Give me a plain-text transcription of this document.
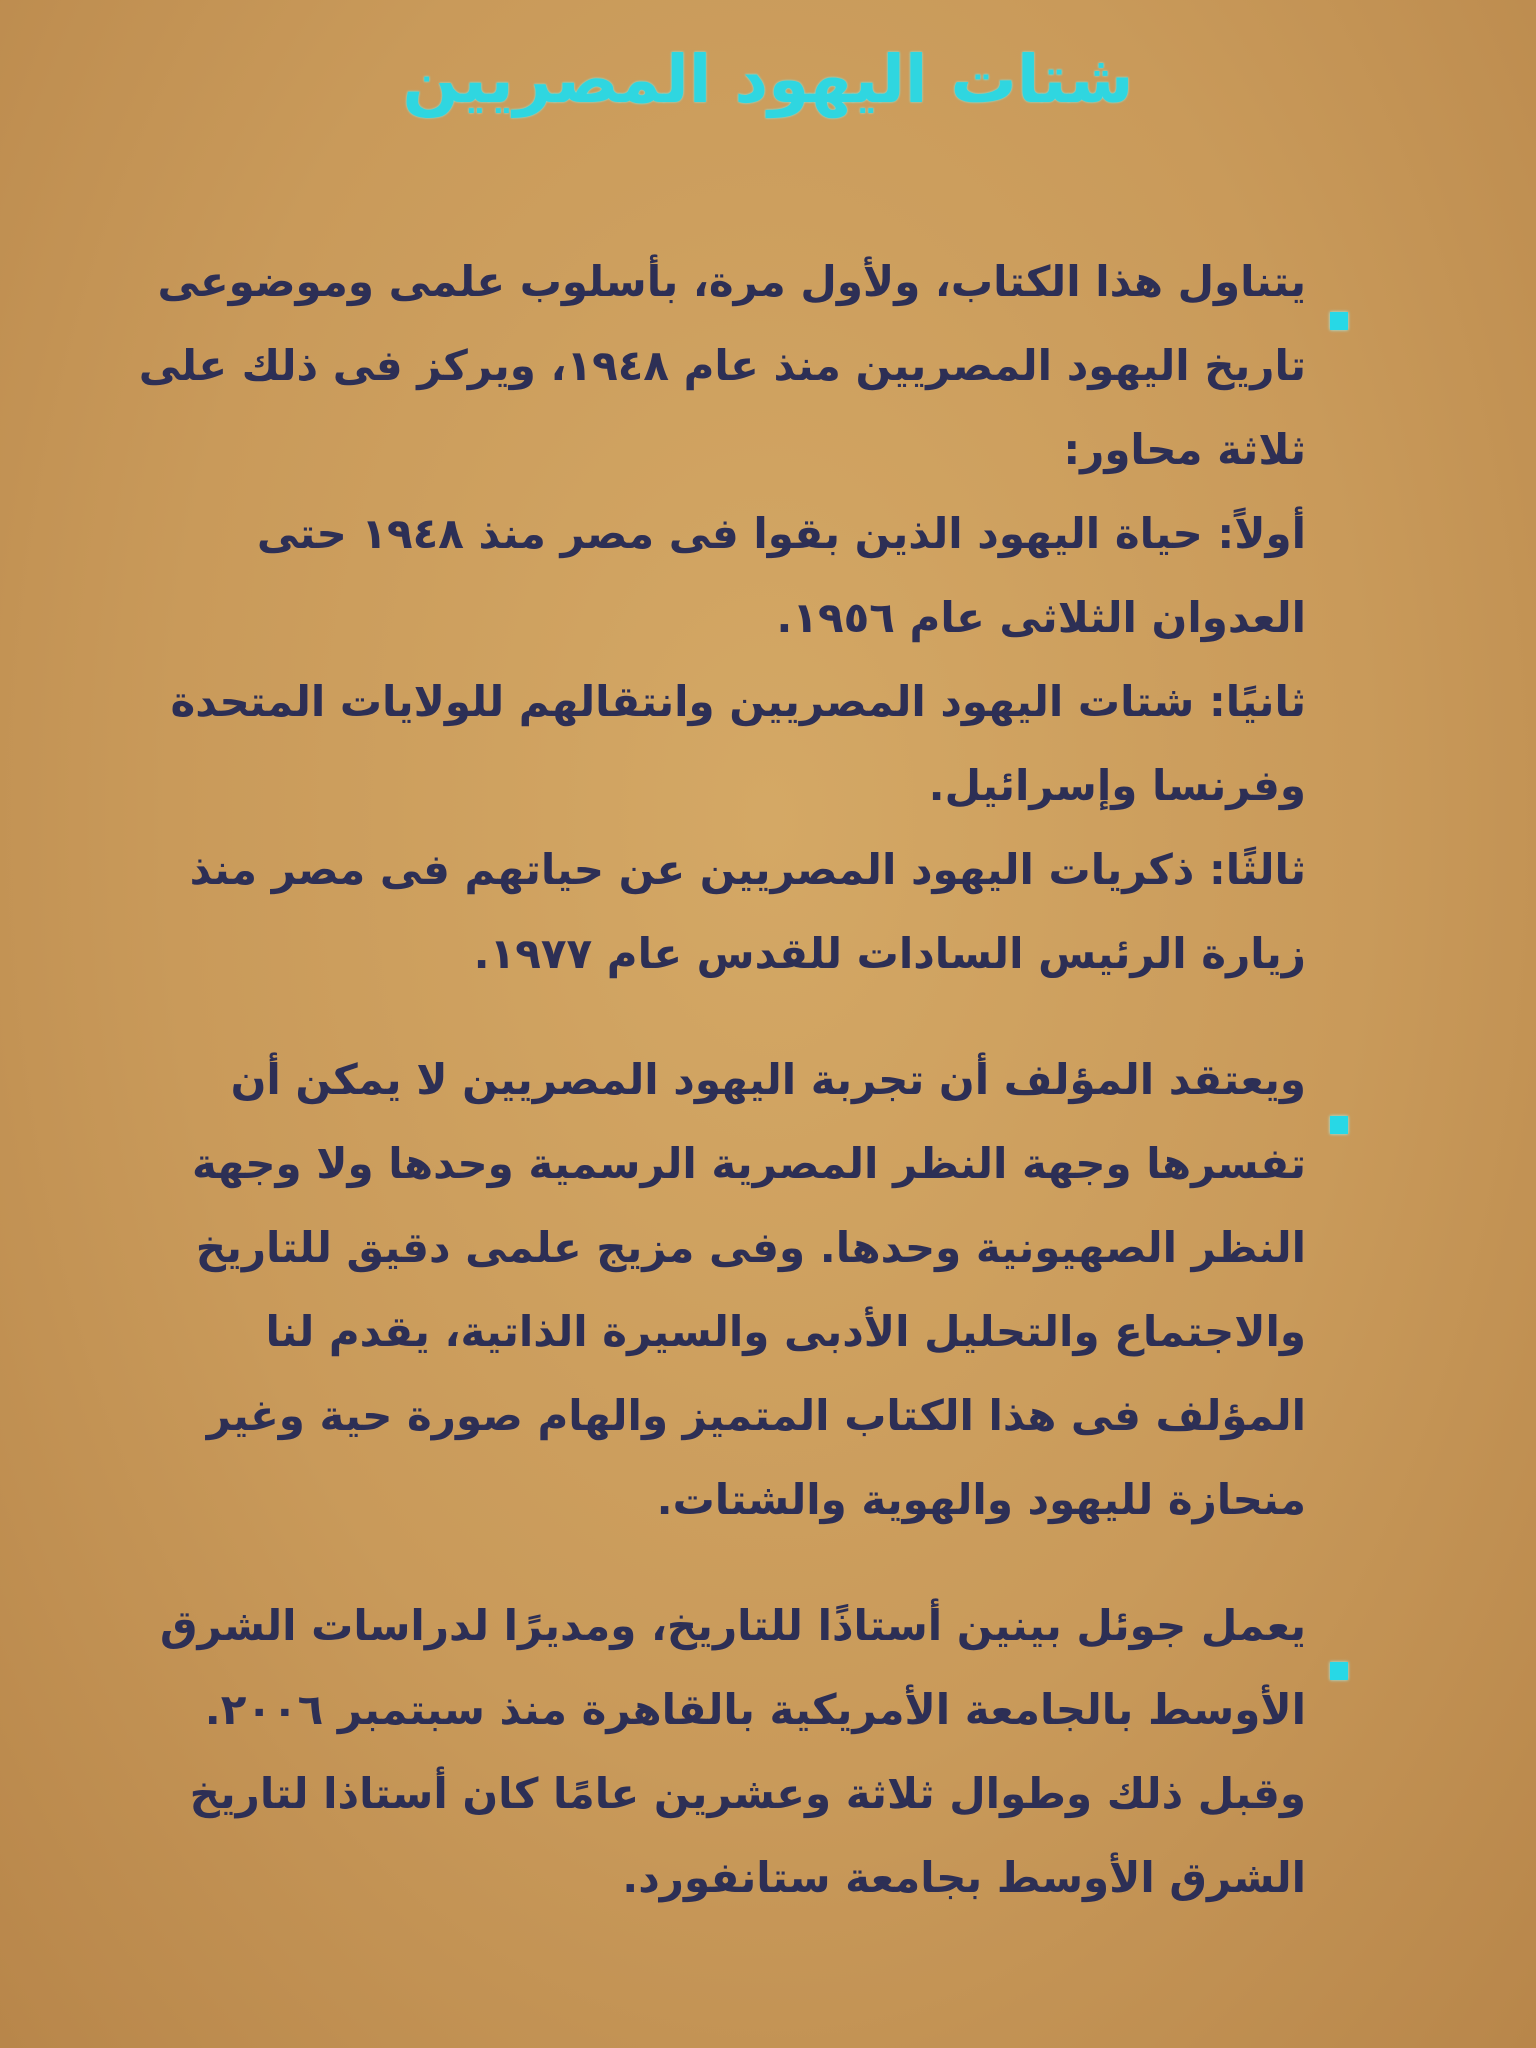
شتات اليهود المصريين

يتناول هذا الكتاب، ولأول مرة، بأسلوب علمى وموضوعى
تاريخ اليهود المصريين منذ عام ١٩٤٨، ويركز فى ذلك على
ثلاثة محاور:
أولاً: حياة اليهود الذين بقوا فى مصر منذ ١٩٤٨ حتى
العدوان الثلاثى عام ١٩٥٦.
ثانيًا: شتات اليهود المصريين وانتقالهم للولايات المتحدة
وفرنسا وإسرائيل.
ثالثًا: ذكريات اليهود المصريين عن حياتهم فى مصر منذ
زيارة الرئيس السادات للقدس عام ١٩٧٧.

ويعتقد المؤلف أن تجربة اليهود المصريين لا يمكن أن
تفسرها وجهة النظر المصرية الرسمية وحدها ولا وجهة
النظر الصهيونية وحدها. وفى مزيج علمى دقيق للتاريخ
والاجتماع والتحليل الأدبى والسيرة الذاتية، يقدم لنا
المؤلف فى هذا الكتاب المتميز والهام صورة حية وغير
منحازة لليهود والهوية والشتات.

يعمل جوئل بينين أستاذًا للتاريخ، ومديرًا لدراسات الشرق
الأوسط بالجامعة الأمريكية بالقاهرة منذ سبتمبر ٢٠٠٦.
وقبل ذلك وطوال ثلاثة وعشرين عامًا كان أستاذا لتاريخ
الشرق الأوسط بجامعة ستانفورد.
